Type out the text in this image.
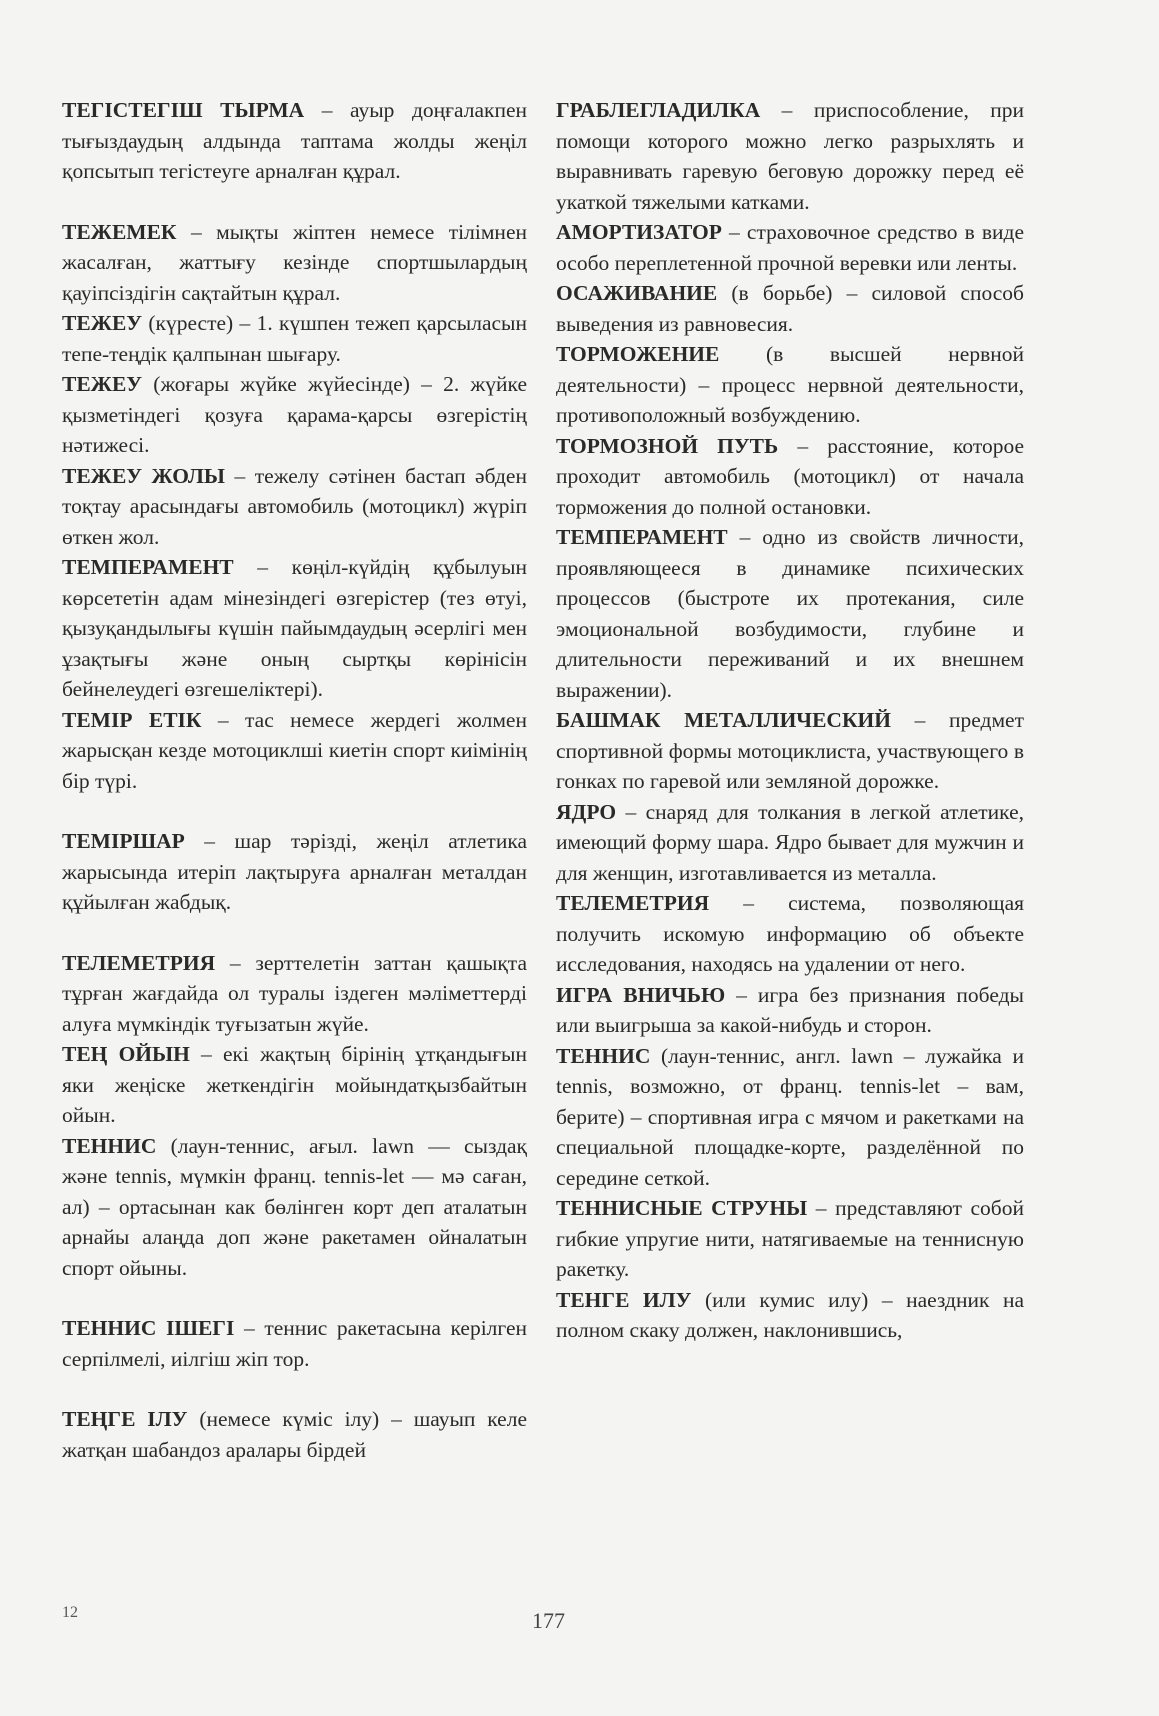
ТЕГІСТЕГІШ ТЫРМА – ауыр доңғалакпен тығыздаудың алдында таптама жолды жеңіл қопсытып тегістеуге арналған құрал.

ТЕЖЕМЕК – мықты жіптен немесе тілімнен жасалған, жаттығу кезінде спортшылардың қауіпсіздігін сақтайтын құрал.

ТЕЖЕУ (күресте) – 1. күшпен тежеп қарсыласын тепе-теңдік қалпынан шығару.

ТЕЖЕУ (жоғары жүйке жүйесінде) – 2. жүйке қызметіндегі қозуға қарама-қарсы өзгерістің нәтижесі.

ТЕЖЕУ ЖОЛЫ – тежелу сәтінен бастап әбден тоқтау арасындағы автомобиль (мотоцикл) жүріп өткен жол.

ТЕМПЕРАМЕНТ – көңіл-күйдің құбылуын көрсететін адам мінезіндегі өзгерістер (тез өтуі, қызуқандылығы күшін пайымдаудың әсерлігі мен ұзақтығы және оның сыртқы көрінісін бейнелеудегі өзгешеліктері).

ТЕМІР ЕТІК – тас немесе жердегі жолмен жарысқан кезде мотоциклші киетін спорт киімінің бір түрі.

ТЕМІРШАР – шар тәрізді, жеңіл атлетика жарысында итеріп лақтыруға арналған металдан құйылған жабдық.

ТЕЛЕМЕТРИЯ – зерттелетін заттан қашықта тұрған жағдайда ол туралы іздеген мәліметтерді алуға мүмкіндік туғызатын жүйе.

ТЕҢ ОЙЫН – екі жақтың бірінің ұтқандығын яки жеңіске жеткендігін мойындатқызбайтын ойын.

ТЕННИС (лаун-теннис, ағыл. lawn — сыздақ және tennis, мүмкін франц. tennis-let — мә саған, ал) – ортасынан как бөлінген корт деп аталатын арнайы алаңда доп және ракетамен ойналатын спорт ойыны.

ТЕННИС ІШЕГІ – теннис ракетасына керілген серпілмелі, иілгіш жіп тор.

ТЕҢГЕ ІЛУ (немесе күміс ілу) – шауып келе жатқан шабандоз аралары бірдей

ГРАБЛЕГЛАДИЛКА – приспособление, при помощи которого можно легко разрыхлять и выравнивать гаревую беговую дорожку перед её укаткой тяжелыми катками.

АМОРТИЗАТОР – страховочное средство в виде особо переплетенной прочной веревки или ленты.

ОСАЖИВАНИЕ (в борьбе) – силовой способ выведения из равновесия.

ТОРМОЖЕНИЕ (в высшей нервной деятельности) – процесс нервной деятельности, противоположный возбуждению.

ТОРМОЗНОЙ ПУТЬ – расстояние, которое проходит автомобиль (мотоцикл) от начала торможения до полной остановки.

ТЕМПЕРАМЕНТ – одно из свойств личности, проявляющееся в динамике психических процессов (быстроте их протекания, силе эмоциональной возбудимости, глубине и длительности переживаний и их внешнем выражении).

БАШМАК МЕТАЛЛИЧЕСКИЙ – предмет спортивной формы мотоциклиста, участвующего в гонках по гаревой или земляной дорожке.

ЯДРО – снаряд для толкания в легкой атлетике, имеющий форму шара. Ядро бывает для мужчин и для женщин, изготавливается из металла.

ТЕЛЕМЕТРИЯ – система, позволяющая получить искомую информацию об объекте исследования, находясь на удалении от него.

ИГРА ВНИЧЬЮ – игра без признания победы или выигрыша за какой-нибудь и сторон.

ТЕННИС (лаун-теннис, англ. lawn – лужайка и tennis, возможно, от франц. tennis-let – вам, берите) – спортивная игра с мячом и ракетками на специальной площадке-корте, разделённой по середине сеткой.

ТЕННИСНЫЕ СТРУНЫ – представляют собой гибкие упругие нити, натягиваемые на теннисную ракетку.

ТЕНГЕ ИЛУ (или кумис илу) – наездник на полном скаку должен, наклонившись,

12	177
